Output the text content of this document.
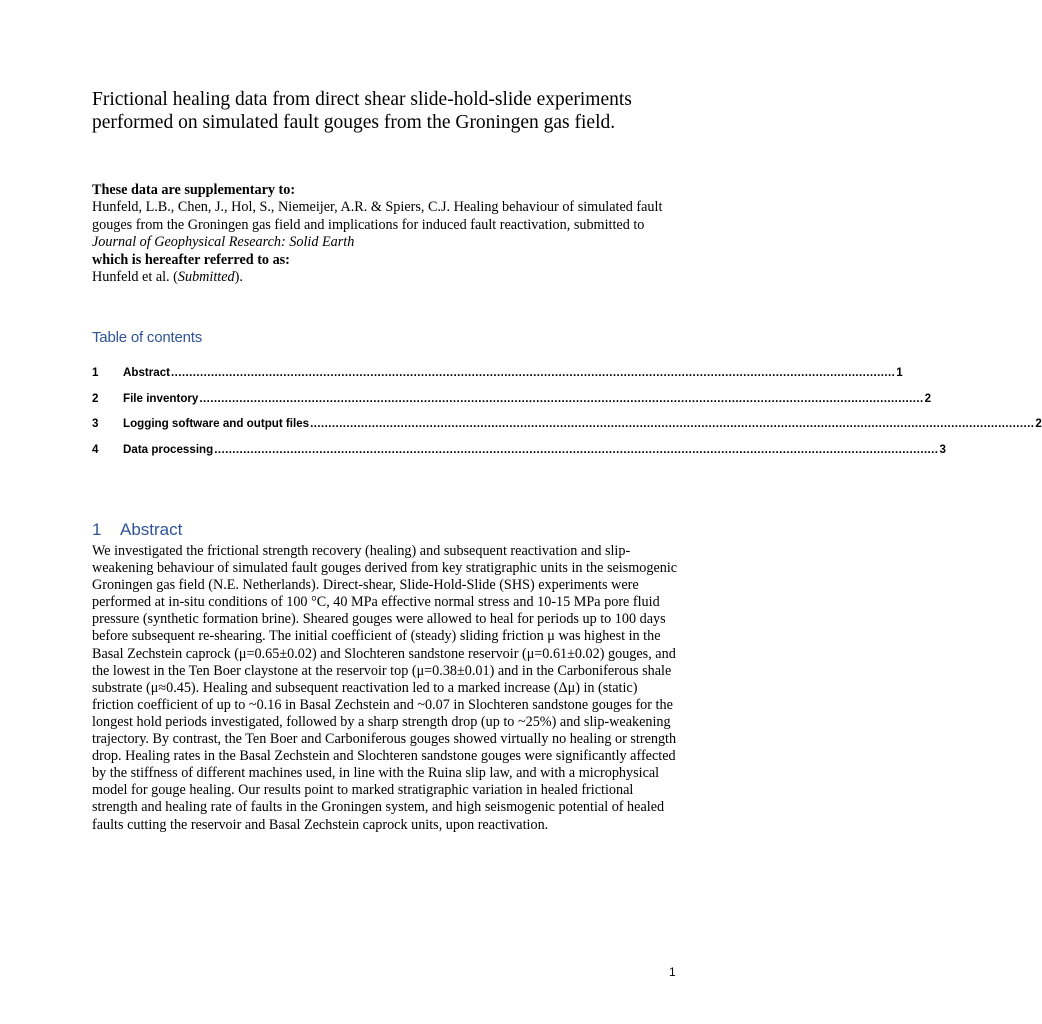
Frictional healing data from direct shear slide-hold-slide experiments performed on simulated fault gouges from the Groningen gas field.
These data are supplementary to:
Hunfeld, L.B., Chen, J., Hol, S., Niemeijer, A.R. & Spiers, C.J. Healing behaviour of simulated fault gouges from the Groningen gas field and implications for induced fault reactivation, submitted to Journal of Geophysical Research: Solid Earth
which is hereafter referred to as:
Hunfeld et al. (Submitted).
Table of contents
1	Abstract ........................................................................................................................................................................................................ 1
2	File inventory ........................................................................................................................................................................................................ 2
3	Logging software and output files ........................................................................................................................................................................................................ 2
4	Data processing ........................................................................................................................................................................................................ 3
1	Abstract
We investigated the frictional strength recovery (healing) and subsequent reactivation and slip-weakening behaviour of simulated fault gouges derived from key stratigraphic units in the seismogenic Groningen gas field (N.E. Netherlands). Direct-shear, Slide-Hold-Slide (SHS) experiments were performed at in-situ conditions of 100 °C, 40 MPa effective normal stress and 10-15 MPa pore fluid pressure (synthetic formation brine). Sheared gouges were allowed to heal for periods up to 100 days before subsequent re-shearing. The initial coefficient of (steady) sliding friction μ was highest in the Basal Zechstein caprock (μ=0.65±0.02) and Slochteren sandstone reservoir (μ=0.61±0.02) gouges, and the lowest in the Ten Boer claystone at the reservoir top (μ=0.38±0.01) and in the Carboniferous shale substrate (μ≈0.45). Healing and subsequent reactivation led to a marked increase (Δμ) in (static) friction coefficient of up to ~0.16 in Basal Zechstein and ~0.07 in Slochteren sandstone gouges for the longest hold periods investigated, followed by a sharp strength drop (up to ~25%) and slip-weakening trajectory. By contrast, the Ten Boer and Carboniferous gouges showed virtually no healing or strength drop. Healing rates in the Basal Zechstein and Slochteren sandstone gouges were significantly affected by the stiffness of different machines used, in line with the Ruina slip law, and with a microphysical model for gouge healing. Our results point to marked stratigraphic variation in healed frictional strength and healing rate of faults in the Groningen system, and high seismogenic potential of healed faults cutting the reservoir and Basal Zechstein caprock units, upon reactivation.
1
